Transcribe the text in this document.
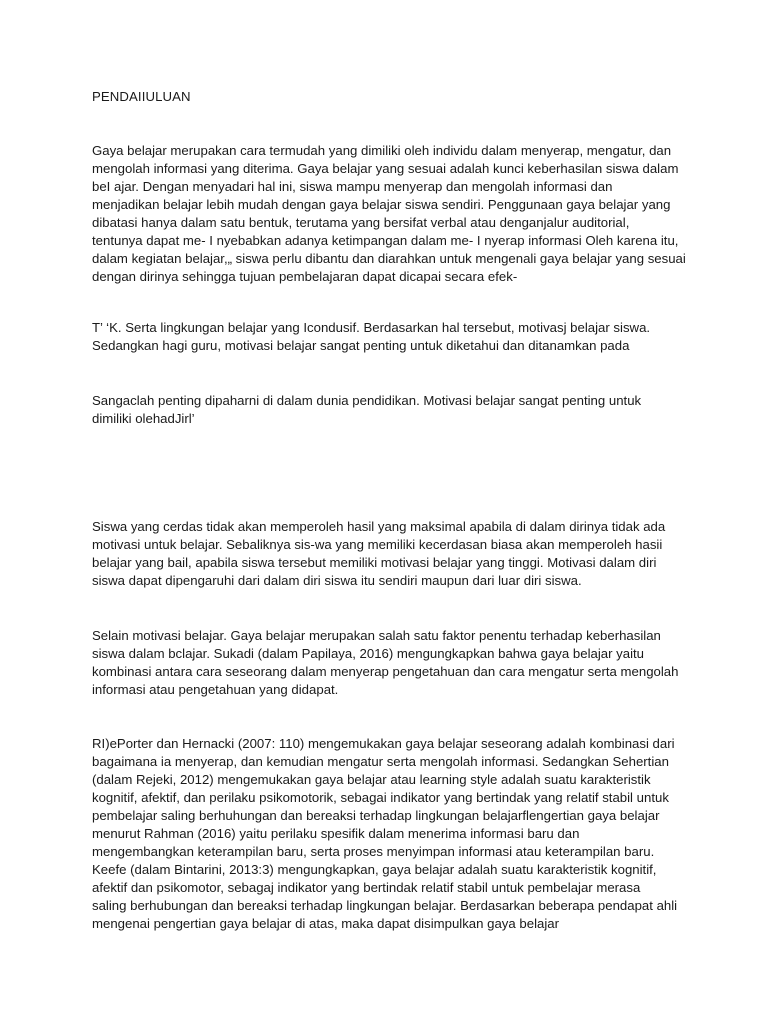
PENDAIIULUAN

Gaya belajar merupakan cara termudah yang dimiliki oleh individu dalam menyerap, mengatur, dan
mengolah informasi yang diterima. Gaya belajar yang sesuai adalah kunci keberhasilan siswa dalam
beI ajar. Dengan menyadari hal ini, siswa mampu menyerap dan mengolah informasi dan
menjadikan belajar lebih mudah dengan gaya belajar siswa sendiri. Penggunaan gaya belajar yang
dibatasi hanya dalam satu bentuk, terutama yang bersifat verbal atau denganjalur auditorial,
tentunya dapat me- I nyebabkan adanya ketimpangan dalam me- I nyerap informasi Oleh karena itu,
dalam kegiatan belajar,„ siswa perlu dibantu dan diarahkan untuk mengenali gaya belajar yang sesuai
dengan dirinya sehingga tujuan pembelajaran dapat dicapai secara efek-

T’ ‘K. Serta lingkungan belajar yang Icondusif. Berdasarkan hal tersebut, motivasj belajar siswa.
Sedangkan hagi guru, motivasi belajar sangat penting untuk diketahui dan ditanamkan pada

Sangaclah penting dipaharni di dalam dunia pendidikan. Motivasi belajar sangat penting untuk
dimiliki olehadJirl’

Siswa yang cerdas tidak akan memperoleh hasil yang maksimal apabila di dalam dirinya tidak ada
motivasi untuk belajar. Sebaliknya sis-wa yang memiliki kecerdasan biasa akan memperoleh hasii
belajar yang bail, apabila siswa tersebut memiliki motivasi belajar yang tinggi. Motivasi dalam diri
siswa dapat dipengaruhi dari dalam diri siswa itu sendiri maupun dari luar diri siswa.

Selain motivasi belajar. Gaya belajar merupakan salah satu faktor penentu terhadap keberhasilan
siswa dalam bclajar. Sukadi (dalam Papilaya, 2016) mengungkapkan bahwa gaya belajar yaitu
kombinasi antara cara seseorang dalam menyerap pengetahuan dan cara mengatur serta mengolah
informasi atau pengetahuan yang didapat.

RI)ePorter dan Hernacki (2007: 110) mengemukakan gaya belajar seseorang adalah kombinasi dari
bagaimana ia menyerap, dan kemudian mengatur serta mengolah informasi. Sedangkan Sehertian
(dalam Rejeki, 2012) mengemukakan gaya belajar atau learning style adalah suatu karakteristik
kognitif, afektif, dan perilaku psikomotorik, sebagai indikator yang bertindak yang relatif stabil untuk
pembelajar saling berhuhungan dan bereaksi terhadap lingkungan belajarflengertian gaya belajar
menurut Rahman (2016) yaitu perilaku spesifik dalam menerima informasi baru dan
mengembangkan keterampilan baru, serta proses menyimpan informasi atau keterampilan baru.
Keefe (dalam Bintarini, 2013:3) mengungkapkan, gaya belajar adalah suatu karakteristik kognitif,
afektif dan psikomotor, sebagaj indikator yang bertindak relatif stabil untuk pembelajar merasa
saling berhubungan dan bereaksi terhadap lingkungan belajar. Berdasarkan beberapa pendapat ahli
mengenai pengertian gaya belajar di atas, maka dapat disimpulkan gaya belajar
